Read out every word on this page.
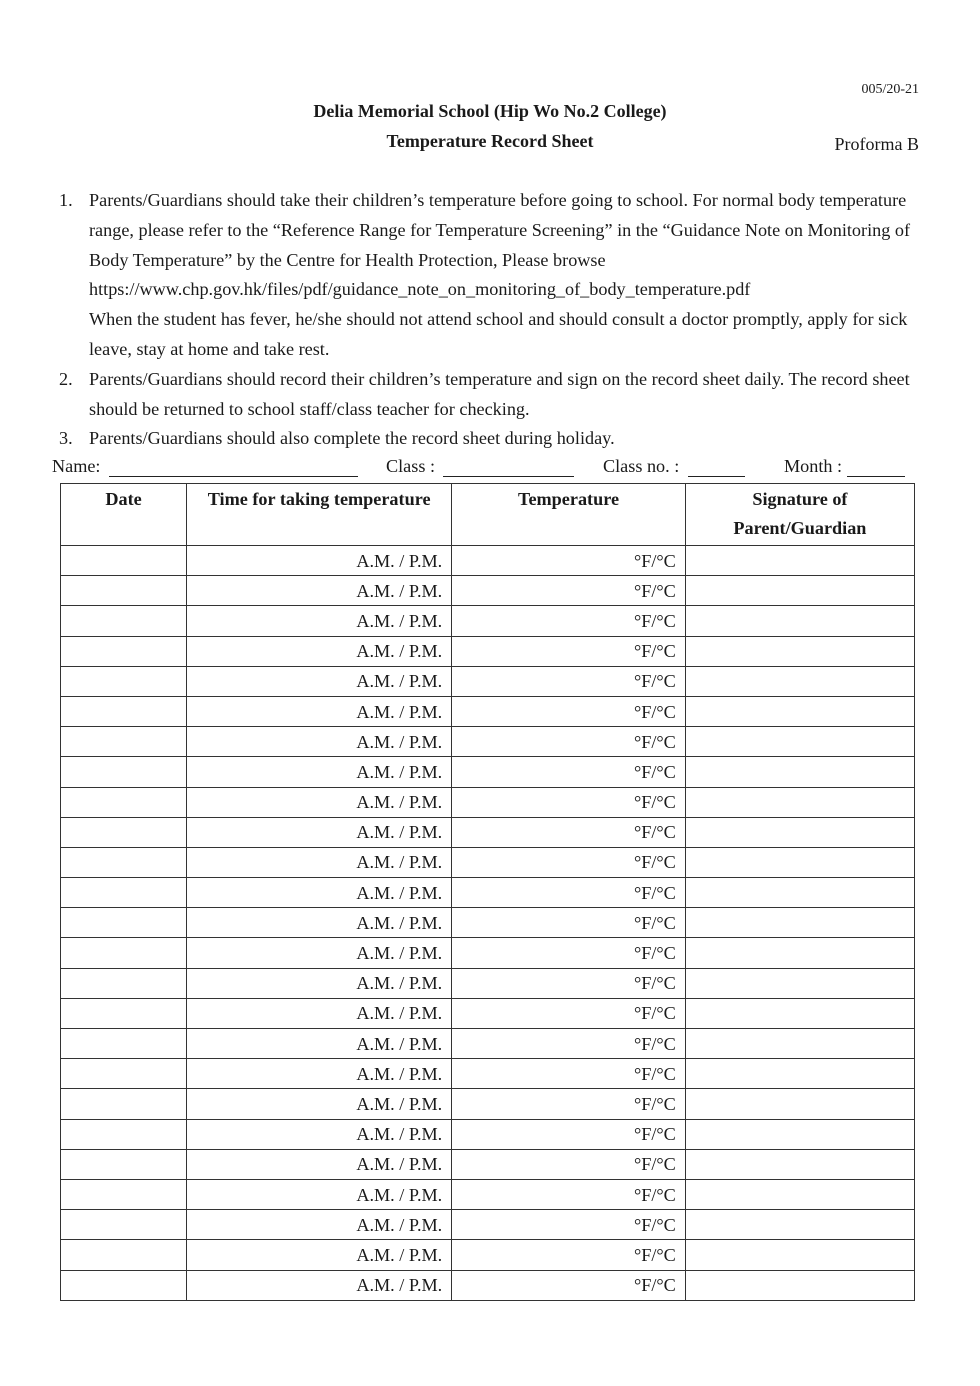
005/20-21
Delia Memorial School (Hip Wo No.2 College)
Temperature Record Sheet	Proforma B
1. Parents/Guardians should take their children’s temperature before going to school. For normal body temperature range, please refer to the “Reference Range for Temperature Screening” in the “Guidance Note on Monitoring of Body Temperature” by the Centre for Health Protection, Please browse
https://www.chp.gov.hk/files/pdf/guidance_note_on_monitoring_of_body_temperature.pdf
When the student has fever, he/she should not attend school and should consult a doctor promptly, apply for sick leave, stay at home and take rest.
2. Parents/Guardians should record their children’s temperature and sign on the record sheet daily. The record sheet should be returned to school staff/class teacher for checking.
3. Parents/Guardians should also complete the record sheet during holiday.
Name:	Class :	Class no. :	Month :
Date	Time for taking temperature	Temperature	Signature of Parent/Guardian
	A.M. / P.M.	°F/°C	
	A.M. / P.M.	°F/°C	
	A.M. / P.M.	°F/°C	
	A.M. / P.M.	°F/°C	
	A.M. / P.M.	°F/°C	
	A.M. / P.M.	°F/°C	
	A.M. / P.M.	°F/°C	
	A.M. / P.M.	°F/°C	
	A.M. / P.M.	°F/°C	
	A.M. / P.M.	°F/°C	
	A.M. / P.M.	°F/°C	
	A.M. / P.M.	°F/°C	
	A.M. / P.M.	°F/°C	
	A.M. / P.M.	°F/°C	
	A.M. / P.M.	°F/°C	
	A.M. / P.M.	°F/°C	
	A.M. / P.M.	°F/°C	
	A.M. / P.M.	°F/°C	
	A.M. / P.M.	°F/°C	
	A.M. / P.M.	°F/°C	
	A.M. / P.M.	°F/°C	
	A.M. / P.M.	°F/°C	
	A.M. / P.M.	°F/°C	
	A.M. / P.M.	°F/°C	
	A.M. / P.M.	°F/°C	
